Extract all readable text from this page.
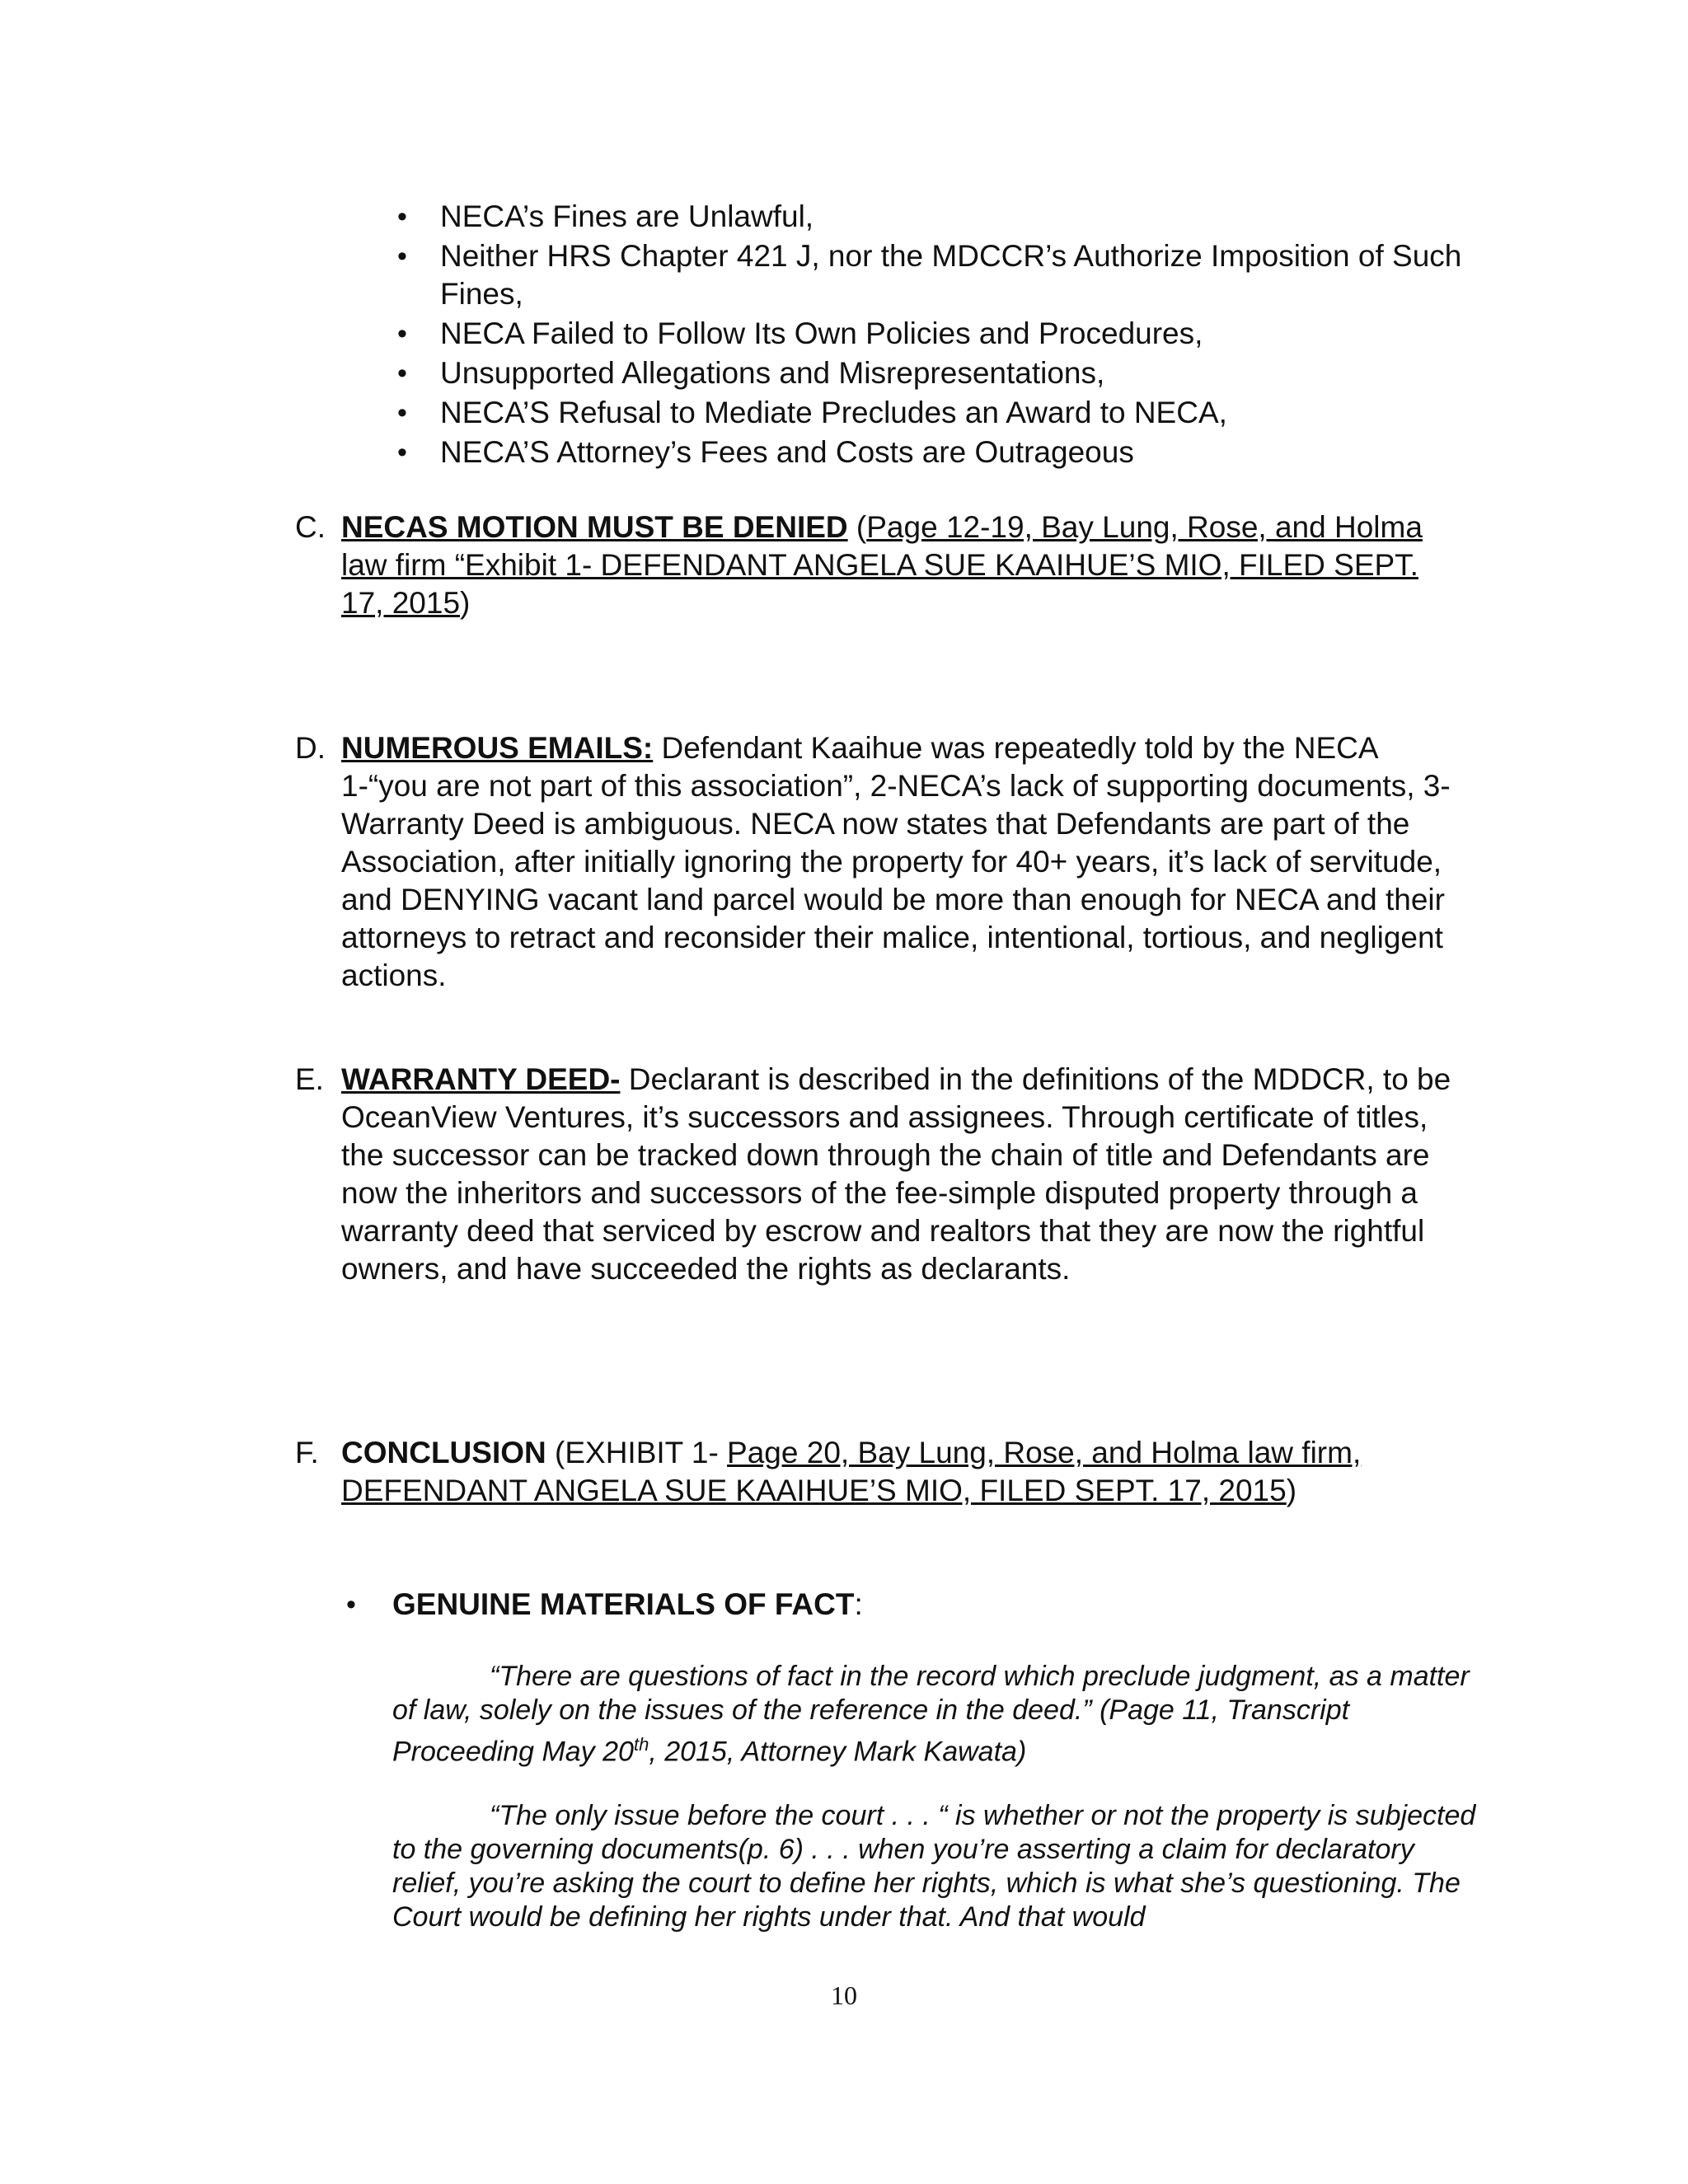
• NECA’s Fines are Unlawful,
• Neither HRS Chapter 421 J, nor the MDCCR’s Authorize Imposition of Such Fines,
• NECA Failed to Follow Its Own Policies and Procedures,
• Unsupported Allegations and Misrepresentations,
• NECA’S Refusal to Mediate Precludes an Award to NECA,
• NECA’S Attorney’s Fees and Costs are Outrageous
C. NECAS MOTION MUST BE DENIED (Page 12-19, Bay Lung, Rose, and Holma law firm “Exhibit 1- DEFENDANT ANGELA SUE KAAIHUE’S MIO, FILED SEPT. 17, 2015)
D. NUMEROUS EMAILS: Defendant Kaaihue was repeatedly told by the NECA 1-“you are not part of this association”, 2-NECA’s lack of supporting documents, 3- Warranty Deed is ambiguous. NECA now states that Defendants are part of the Association, after initially ignoring the property for 40+ years, it’s lack of servitude, and DENYING vacant land parcel would be more than enough for NECA and their attorneys to retract and reconsider their malice, intentional, tortious, and negligent actions.
E. WARRANTY DEED- Declarant is described in the definitions of the MDDCR, to be OceanView Ventures, it’s successors and assignees. Through certificate of titles, the successor can be tracked down through the chain of title and Defendants are now the inheritors and successors of the fee-simple disputed property through a warranty deed that serviced by escrow and realtors that they are now the rightful owners, and have succeeded the rights as declarants.
F. CONCLUSION (EXHIBIT 1- Page 20, Bay Lung, Rose, and Holma law firm, DEFENDANT ANGELA SUE KAAIHUE’S MIO, FILED SEPT. 17, 2015)
• GENUINE MATERIALS OF FACT:
“There are questions of fact in the record which preclude judgment, as a matter of law, solely on the issues of the reference in the deed.” (Page 11, Transcript Proceeding May 20th, 2015, Attorney Mark Kawata)
“The only issue before the court . . . “ is whether or not the property is subjected to the governing documents(p. 6) . . . when you’re asserting a claim for declaratory relief, you’re asking the court to define her rights, which is what she’s questioning. The Court would be defining her rights under that. And that would
10
